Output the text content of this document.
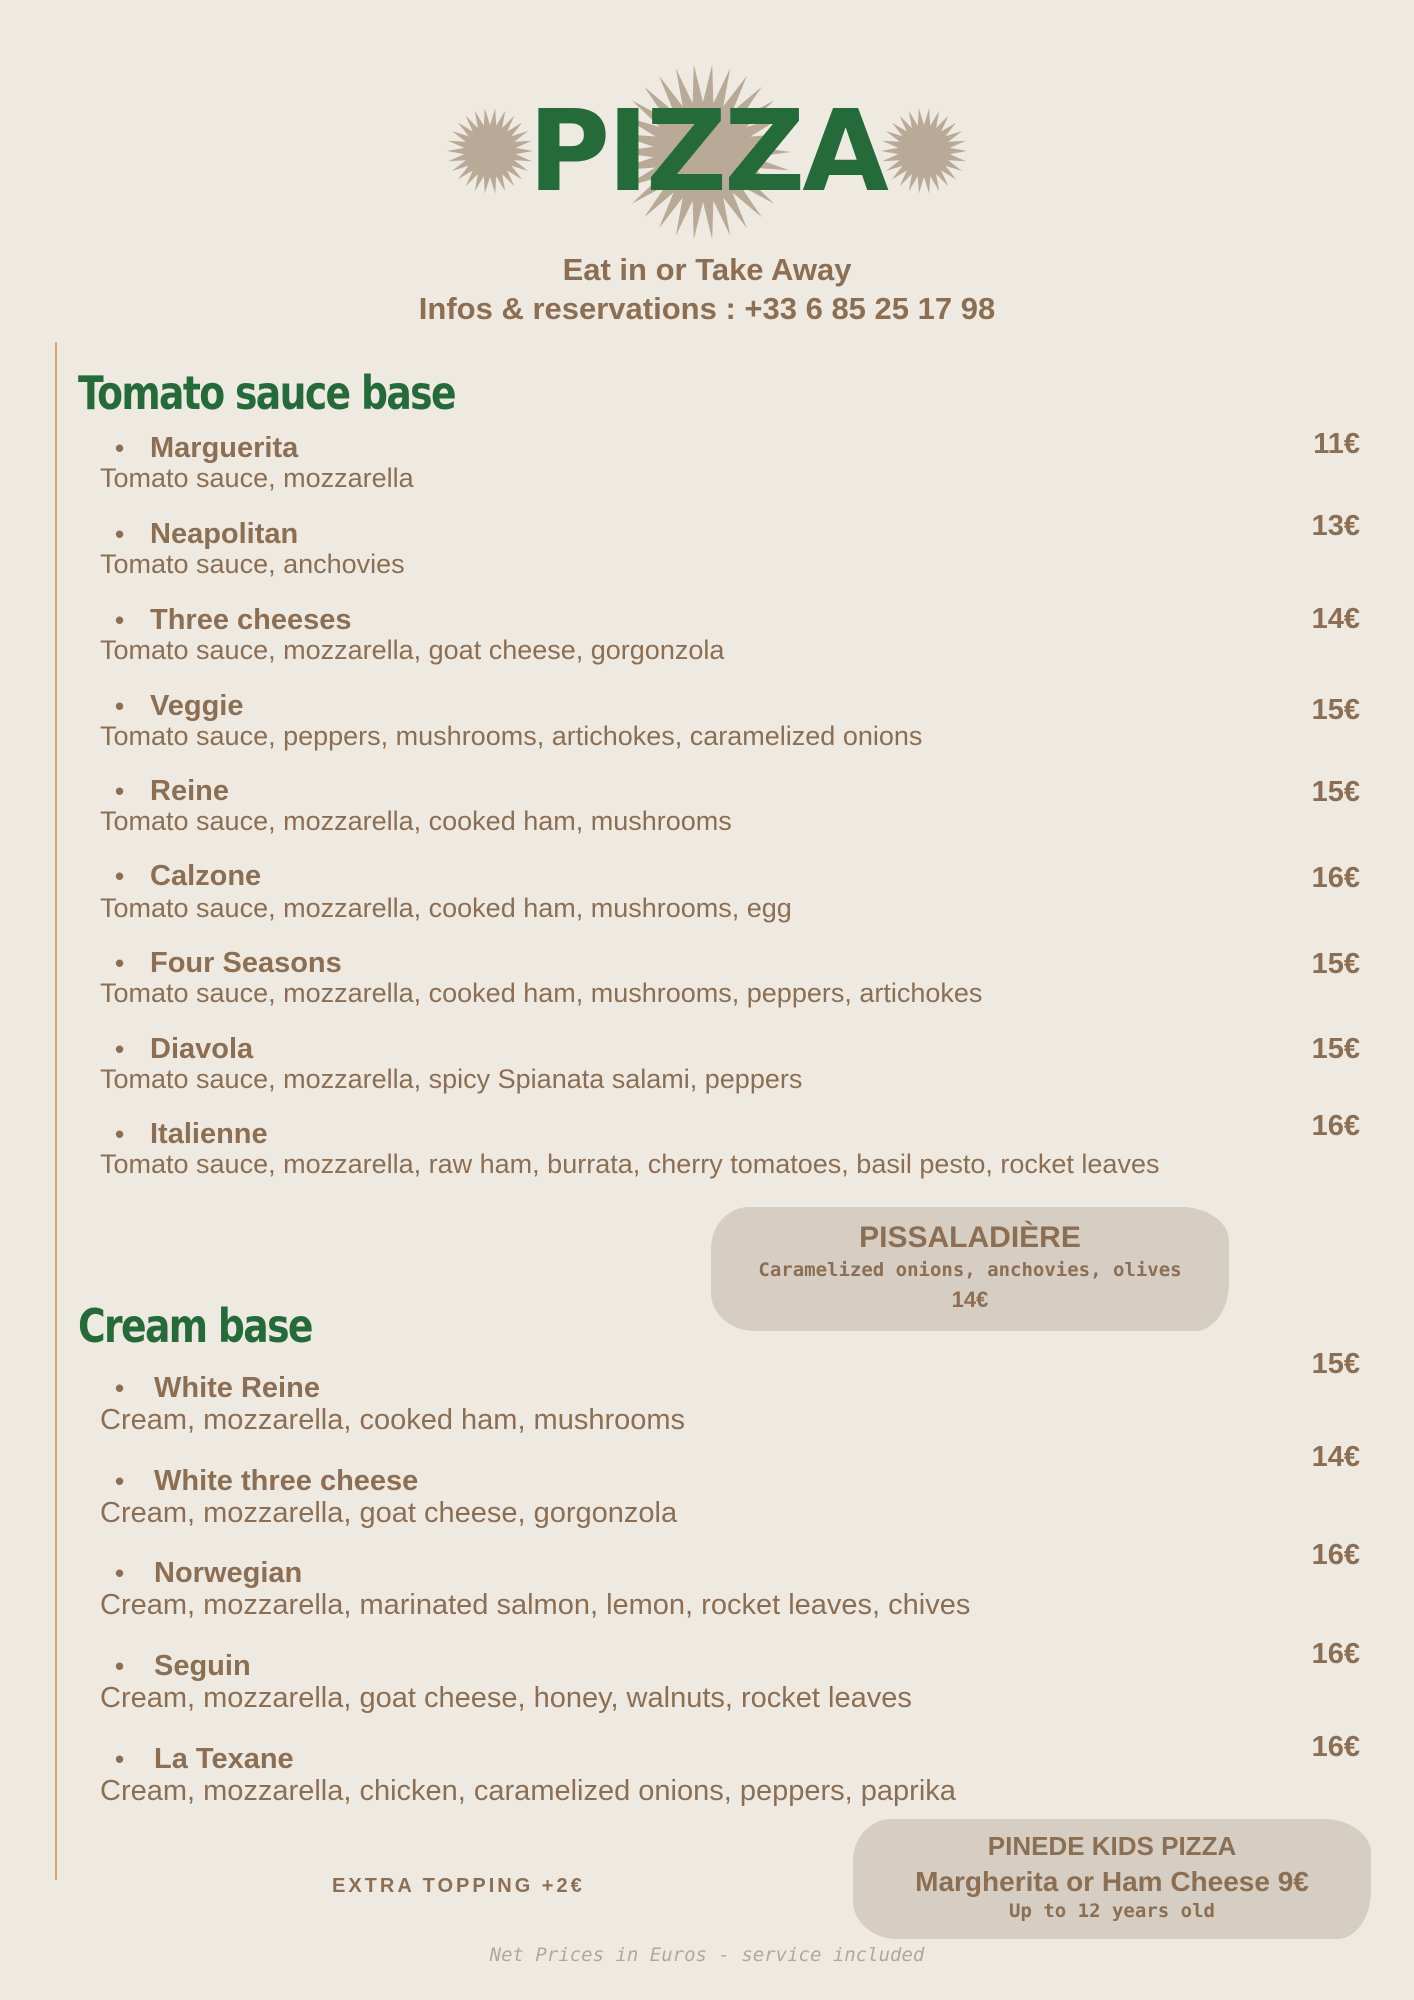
PIZZA
Eat in or Take Away
Infos & reservations : +33 6 85 25 17 98
Tomato sauce base
• Marguerita
Tomato sauce, mozzarella
11€
• Neapolitan
Tomato sauce, anchovies
13€
• Three cheeses
Tomato sauce, mozzarella, goat cheese, gorgonzola
14€
• Veggie
Tomato sauce, peppers, mushrooms, artichokes, caramelized onions
15€
• Reine
Tomato sauce, mozzarella, cooked ham, mushrooms
15€
• Calzone
Tomato sauce, mozzarella, cooked ham, mushrooms, egg
16€
• Four Seasons
Tomato sauce, mozzarella, cooked ham, mushrooms, peppers, artichokes
15€
• Diavola
Tomato sauce, mozzarella, spicy Spianata salami, peppers
15€
• Italienne
Tomato sauce, mozzarella, raw ham, burrata, cherry tomatoes, basil pesto, rocket leaves
16€
PISSALADIÈRE
Caramelized onions, anchovies, olives
14€
Cream base
• White Reine
Cream, mozzarella, cooked ham, mushrooms
15€
• White three cheese
Cream, mozzarella, goat cheese, gorgonzola
14€
• Norwegian
Cream, mozzarella, marinated salmon, lemon, rocket leaves, chives
16€
• Seguin
Cream, mozzarella, goat cheese, honey, walnuts, rocket leaves
16€
• La Texane
Cream, mozzarella, chicken, caramelized onions, peppers, paprika
16€
PINEDE KIDS PIZZA
Margherita or Ham Cheese 9€
Up to 12 years old
EXTRA TOPPING +2€
Net Prices in Euros - service included
